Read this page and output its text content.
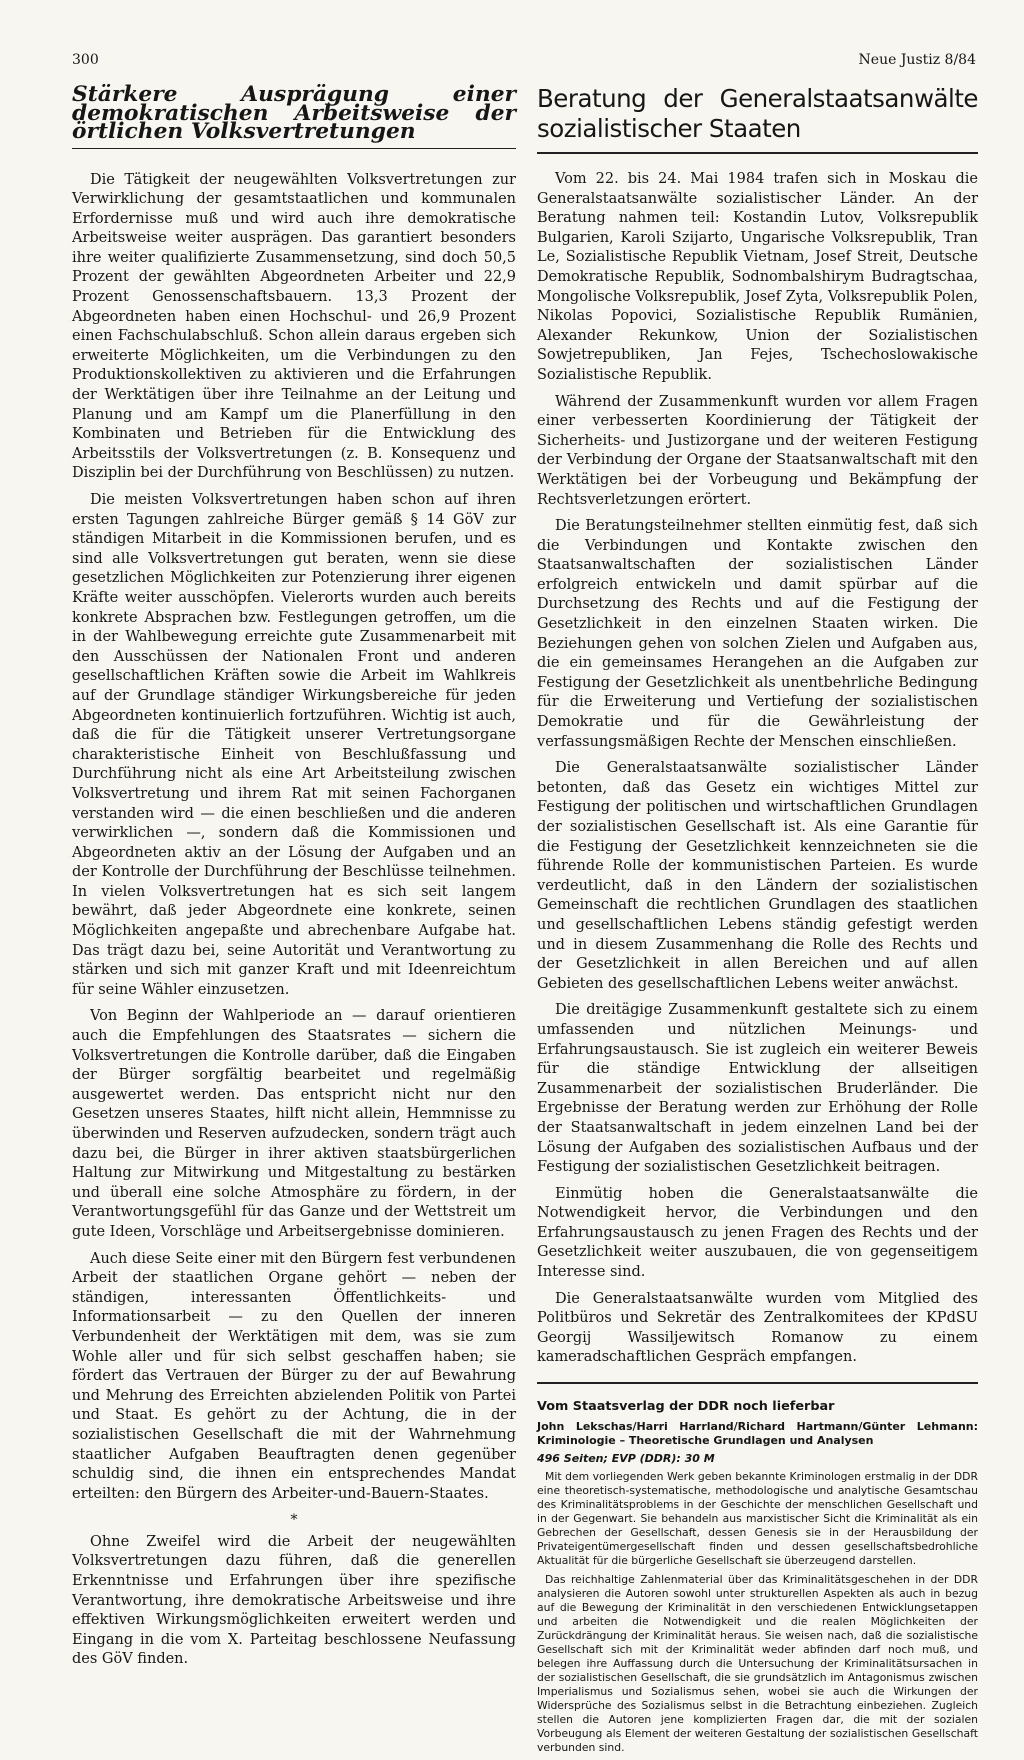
300	Neue Justiz 8/84
Stärkere Ausprägung einer demokratischen Arbeitsweise der örtlichen Volksvertretungen

Die Tätigkeit der neugewählten Volksvertretungen zur Verwirklichung der gesamtstaatlichen und kommunalen Erfordernisse muß und wird auch ihre demokratische Arbeitsweise weiter ausprägen. Das garantiert besonders ihre weiter qualifizierte Zusammensetzung, sind doch 50,5 Prozent der gewählten Abgeordneten Arbeiter und 22,9 Prozent Genossenschaftsbauern. 13,3 Prozent der Abgeordneten haben einen Hochschul- und 26,9 Prozent einen Fachschulabschluß. Schon allein daraus ergeben sich erweiterte Möglichkeiten, um die Verbindungen zu den Produktionskollektiven zu aktivieren und die Erfahrungen der Werktätigen über ihre Teilnahme an der Leitung und Planung und am Kampf um die Planerfüllung in den Kombinaten und Betrieben für die Entwicklung des Arbeitsstils der Volksvertretungen (z. B. Konsequenz und Disziplin bei der Durchführung von Beschlüssen) zu nutzen.

Die meisten Volksvertretungen haben schon auf ihren ersten Tagungen zahlreiche Bürger gemäß § 14 GöV zur ständigen Mitarbeit in die Kommissionen berufen, und es sind alle Volksvertretungen gut beraten, wenn sie diese gesetzlichen Möglichkeiten zur Potenzierung ihrer eigenen Kräfte weiter ausschöpfen. Vielerorts wurden auch bereits konkrete Absprachen bzw. Festlegungen getroffen, um die in der Wahlbewegung erreichte gute Zusammenarbeit mit den Ausschüssen der Nationalen Front und anderen gesellschaftlichen Kräften sowie die Arbeit im Wahlkreis auf der Grundlage ständiger Wirkungsbereiche für jeden Abgeordneten kontinuierlich fortzuführen. Wichtig ist auch, daß die für die Tätigkeit unserer Vertretungsorgane charakteristische Einheit von Beschlußfassung und Durchführung nicht als eine Art Arbeitsteilung zwischen Volksvertretung und ihrem Rat mit seinen Fachorganen verstanden wird — die einen beschließen und die anderen verwirklichen —, sondern daß die Kommissionen und Abgeordneten aktiv an der Lösung der Aufgaben und an der Kontrolle der Durchführung der Beschlüsse teilnehmen. In vielen Volksvertretungen hat es sich seit langem bewährt, daß jeder Abgeordnete eine konkrete, seinen Möglichkeiten angepaßte und abrechenbare Aufgabe hat. Das trägt dazu bei, seine Autorität und Verantwortung zu stärken und sich mit ganzer Kraft und mit Ideenreichtum für seine Wähler einzusetzen.

Von Beginn der Wahlperiode an — darauf orientieren auch die Empfehlungen des Staatsrates — sichern die Volksvertretungen die Kontrolle darüber, daß die Eingaben der Bürger sorgfältig bearbeitet und regelmäßig ausgewertet werden. Das entspricht nicht nur den Gesetzen unseres Staates, hilft nicht allein, Hemmnisse zu überwinden und Reserven aufzudecken, sondern trägt auch dazu bei, die Bürger in ihrer aktiven staatsbürgerlichen Haltung zur Mitwirkung und Mitgestaltung zu bestärken und überall eine solche Atmosphäre zu fördern, in der Verantwortungsgefühl für das Ganze und der Wettstreit um gute Ideen, Vorschläge und Arbeitsergebnisse dominieren.

Auch diese Seite einer mit den Bürgern fest verbundenen Arbeit der staatlichen Organe gehört — neben der ständigen, interessanten Öffentlichkeits- und Informationsarbeit — zu den Quellen der inneren Verbundenheit der Werktätigen mit dem, was sie zum Wohle aller und für sich selbst geschaffen haben; sie fördert das Vertrauen der Bürger zu der auf Bewahrung und Mehrung des Erreichten abzielenden Politik von Partei und Staat. Es gehört zu der Achtung, die in der sozialistischen Gesellschaft die mit der Wahrnehmung staatlicher Aufgaben Beauftragten denen gegenüber schuldig sind, die ihnen ein entsprechendes Mandat erteilten: den Bürgern des Arbeiter-und-Bauern-Staates.

*

Ohne Zweifel wird die Arbeit der neugewählten Volksvertretungen dazu führen, daß die generellen Erkenntnisse und Erfahrungen über ihre spezifische Verantwortung, ihre demokratische Arbeitsweise und ihre effektiven Wirkungsmöglichkeiten erweitert werden und Eingang in die vom X. Parteitag beschlossene Neufassung des GöV finden.

Beratung der Generalstaatsanwälte sozialistischer Staaten

Vom 22. bis 24. Mai 1984 trafen sich in Moskau die Generalstaatsanwälte sozialistischer Länder. An der Beratung nahmen teil: Kostandin Lutov, Volksrepublik Bulgarien, Karoli Szijarto, Ungarische Volksrepublik, Tran Le, Sozialistische Republik Vietnam, Josef Streit, Deutsche Demokratische Republik, Sodnombalshirym Budragtschaa, Mongolische Volksrepublik, Josef Zyta, Volksrepublik Polen, Nikolas Popovici, Sozialistische Republik Rumänien, Alexander Rekunkow, Union der Sozialistischen Sowjetrepubliken, Jan Fejes, Tschechoslowakische Sozialistische Republik.

Während der Zusammenkunft wurden vor allem Fragen einer verbesserten Koordinierung der Tätigkeit der Sicherheits- und Justizorgane und der weiteren Festigung der Verbindung der Organe der Staatsanwaltschaft mit den Werktätigen bei der Vorbeugung und Bekämpfung der Rechtsverletzungen erörtert.

Die Beratungsteilnehmer stellten einmütig fest, daß sich die Verbindungen und Kontakte zwischen den Staatsanwaltschaften der sozialistischen Länder erfolgreich entwickeln und damit spürbar auf die Durchsetzung des Rechts und auf die Festigung der Gesetzlichkeit in den einzelnen Staaten wirken. Die Beziehungen gehen von solchen Zielen und Aufgaben aus, die ein gemeinsames Herangehen an die Aufgaben zur Festigung der Gesetzlichkeit als unentbehrliche Bedingung für die Erweiterung und Vertiefung der sozialistischen Demokratie und für die Gewährleistung der verfassungsmäßigen Rechte der Menschen einschließen.

Die Generalstaatsanwälte sozialistischer Länder betonten, daß das Gesetz ein wichtiges Mittel zur Festigung der politischen und wirtschaftlichen Grundlagen der sozialistischen Gesellschaft ist. Als eine Garantie für die Festigung der Gesetzlichkeit kennzeichneten sie die führende Rolle der kommunistischen Parteien. Es wurde verdeutlicht, daß in den Ländern der sozialistischen Gemeinschaft die rechtlichen Grundlagen des staatlichen und gesellschaftlichen Lebens ständig gefestigt werden und in diesem Zusammenhang die Rolle des Rechts und der Gesetzlichkeit in allen Bereichen und auf allen Gebieten des gesellschaftlichen Lebens weiter anwächst.

Die dreitägige Zusammenkunft gestaltete sich zu einem umfassenden und nützlichen Meinungs- und Erfahrungsaustausch. Sie ist zugleich ein weiterer Beweis für die ständige Entwicklung der allseitigen Zusammenarbeit der sozialistischen Bruderländer. Die Ergebnisse der Beratung werden zur Erhöhung der Rolle der Staatsanwaltschaft in jedem einzelnen Land bei der Lösung der Aufgaben des sozialistischen Aufbaus und der Festigung der sozialistischen Gesetzlichkeit beitragen.

Einmütig hoben die Generalstaatsanwälte die Notwendigkeit hervor, die Verbindungen und den Erfahrungsaustausch zu jenen Fragen des Rechts und der Gesetzlichkeit weiter auszubauen, die von gegenseitigem Interesse sind.

Die Generalstaatsanwälte wurden vom Mitglied des Politbüros und Sekretär des Zentralkomitees der KPdSU Georgij Wassiljewitsch Romanow zu einem kameradschaftlichen Gespräch empfangen.

Vom Staatsverlag der DDR noch lieferbar
John Lekschas/Harri Harrland/Richard Hartmann/Günter Lehmann: Kriminologie – Theoretische Grundlagen und Analysen
496 Seiten; EVP (DDR): 30 M

Mit dem vorliegenden Werk geben bekannte Kriminologen erstmalig in der DDR eine theoretisch-systematische, methodologische und analytische Gesamtschau des Kriminalitätsproblems in der Geschichte der menschlichen Gesellschaft und in der Gegenwart. Sie behandeln aus marxistischer Sicht die Kriminalität als ein Gebrechen der Gesellschaft, dessen Genesis sie in der Herausbildung der Privateigentümergesellschaft finden und dessen gesellschaftsbedrohliche Aktualität für die bürgerliche Gesellschaft sie überzeugend darstellen.

Das reichhaltige Zahlenmaterial über das Kriminalitätsgeschehen in der DDR analysieren die Autoren sowohl unter strukturellen Aspekten als auch in bezug auf die Bewegung der Kriminalität in den verschiedenen Entwicklungsetappen und arbeiten die Notwendigkeit und die realen Möglichkeiten der Zurückdrängung der Kriminalität heraus. Sie weisen nach, daß die sozialistische Gesellschaft sich mit der Kriminalität weder abfinden darf noch muß, und belegen ihre Auffassung durch die Untersuchung der Kriminalitätsursachen in der sozialistischen Gesellschaft, die sie grundsätzlich im Antagonismus zwischen Imperialismus und Sozialismus sehen, wobei sie auch die Wirkungen der Widersprüche des Sozialismus selbst in die Betrachtung einbeziehen. Zugleich stellen die Autoren jene komplizierten Fragen dar, die mit der sozialen Vorbeugung als Element der weiteren Gestaltung der sozialistischen Gesellschaft verbunden sind.
